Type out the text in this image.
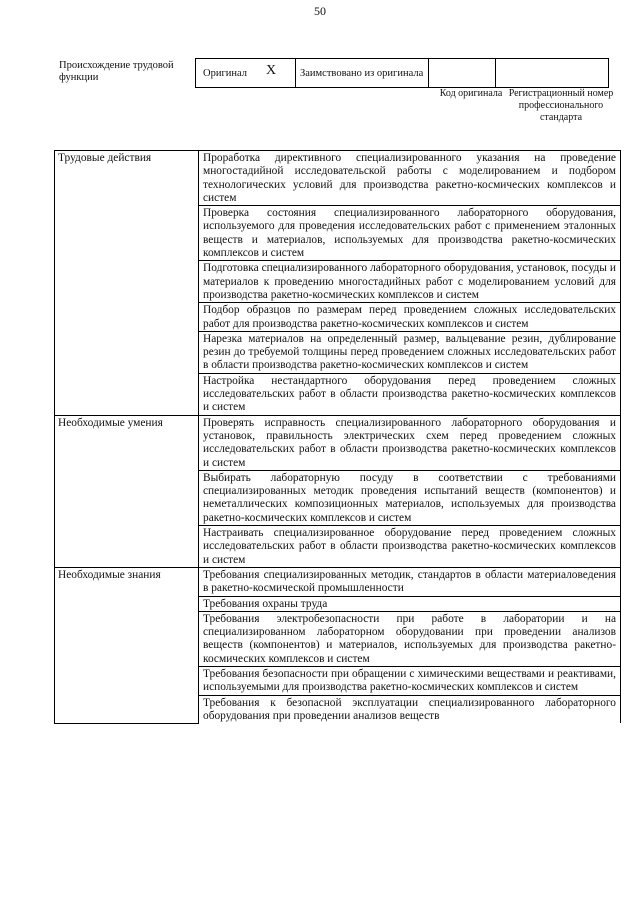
50
Происхождение трудовой функции	Оригинал X	Заимствовано из оригинала		
Код оригинала Регистрационный номер профессионального стандарта
Трудовые действия	Проработка директивного специализированного указания на проведение многостадийной исследовательской работы с моделированием и подбором технологических условий для производства ракетно-космических комплексов и систем
	Проверка состояния специализированного лабораторного оборудования, используемого для проведения исследовательских работ с применением эталонных веществ и материалов, используемых для производства ракетно-космических комплексов и систем
	Подготовка специализированного лабораторного оборудования, установок, посуды и материалов к проведению многостадийных работ с моделированием условий для производства ракетно-космических комплексов и систем
	Подбор образцов по размерам перед проведением сложных исследовательских работ для производства ракетно-космических комплексов и систем
	Нарезка материалов на определенный размер, вальцевание резин, дублирование резин до требуемой толщины перед проведением сложных исследовательских работ в области производства ракетно-космических комплексов и систем
	Настройка нестандартного оборудования перед проведением сложных исследовательских работ в области производства ракетно-космических комплексов и систем
Необходимые умения	Проверять исправность специализированного лабораторного оборудования и установок, правильность электрических схем перед проведением сложных исследовательских работ в области производства ракетно-космических комплексов и систем
	Выбирать лабораторную посуду в соответствии с требованиями специализированных методик проведения испытаний веществ (компонентов) и неметаллических композиционных материалов, используемых для производства ракетно-космических комплексов и систем
	Настраивать специализированное оборудование перед проведением сложных исследовательских работ в области производства ракетно-космических комплексов и систем
Необходимые знания	Требования специализированных методик, стандартов в области материаловедения в ракетно-космической промышленности
	Требования охраны труда
	Требования электробезопасности при работе в лаборатории и на специализированном лабораторном оборудовании при проведении анализов веществ (компонентов) и материалов, используемых для производства ракетно-космических комплексов и систем
	Требования безопасности при обращении с химическими веществами и реактивами, используемыми для производства ракетно-космических комплексов и систем
	Требования к безопасной эксплуатации специализированного лабораторного оборудования при проведении анализов веществ
